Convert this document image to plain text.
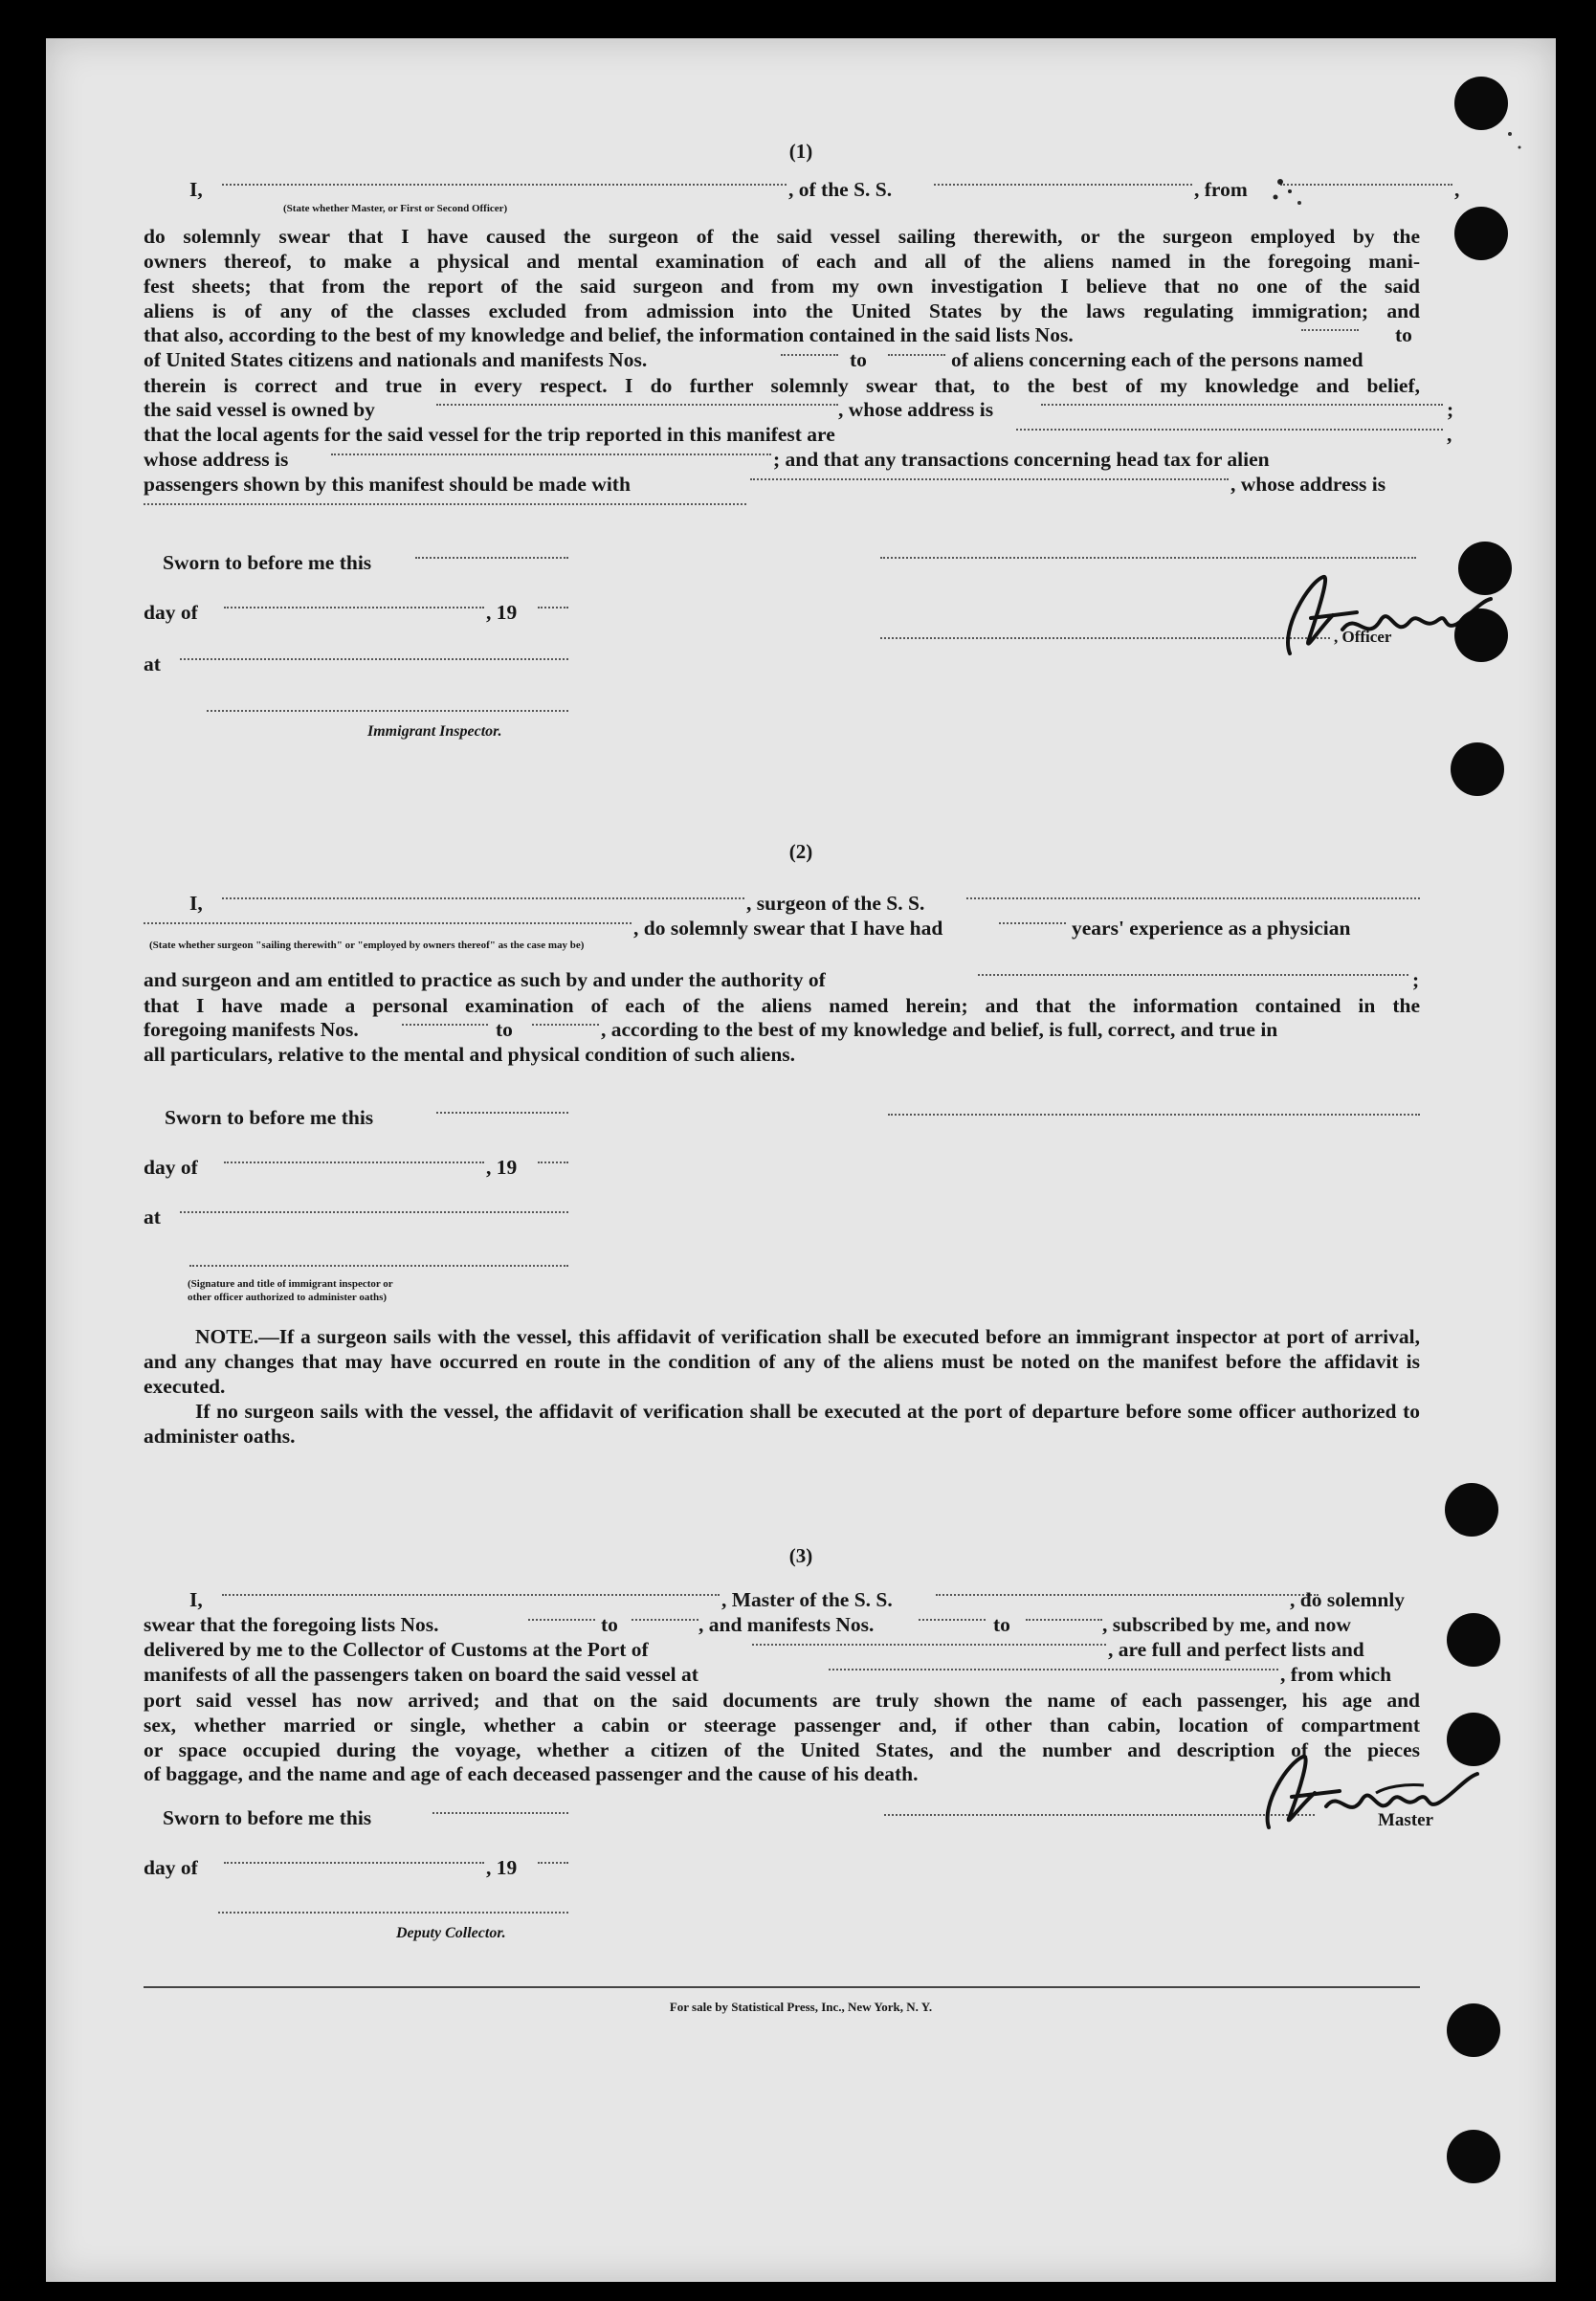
(1)
I,
(State whether Master, or First or Second Officer)
, of the S. S.	, from	,
do solemnly swear that I have caused the surgeon of the said vessel sailing therewith, or the surgeon employed by the
owners thereof, to make a physical and mental examination of each and all of the aliens named in the foregoing mani-
fest sheets; that from the report of the said surgeon and from my own investigation I believe that no one of the said
aliens is of any of the classes excluded from admission into the United States by the laws regulating immigration; and
that also, according to the best of my knowledge and belief, the information contained in the said lists Nos.	to
of United States citizens and nationals and manifests Nos.	to	of aliens concerning each of the persons named
therein is correct and true in every respect. I do further solemnly swear that, to the best of my knowledge and belief,
the said vessel is owned by	, whose address is	;
that the local agents for the said vessel for the trip reported in this manifest are	,
whose address is	; and that any transactions concerning head tax for alien
passengers shown by this manifest should be made with	, whose address is
Sworn to before me this
day of	, 19
, Officer
at
Immigrant Inspector.
(2)
I,	, surgeon of the S. S.
, do solemnly swear that I have had	years' experience as a physician
(State whether surgeon "sailing therewith" or "employed by owners thereof" as the case may be)
and surgeon and am entitled to practice as such by and under the authority of	;
that I have made a personal examination of each of the aliens named herein; and that the information contained in the
foregoing manifests Nos.	to	, according to the best of my knowledge and belief, is full, correct, and true in
all particulars, relative to the mental and physical condition of such aliens.
Sworn to before me this
day of	, 19
at
(Signature and title of immigrant inspector or
other officer authorized to administer oaths)
NOTE.—If a surgeon sails with the vessel, this affidavit of verification shall be executed before an immigrant inspector at port of arrival, and any changes that may have occurred en route in the condition of any of the aliens must be noted on the manifest before the affidavit is executed.
If no surgeon sails with the vessel, the affidavit of verification shall be executed at the port of departure before some officer authorized to administer oaths.
(3)
I,	, Master of the S. S.	, do solemnly
swear that the foregoing lists Nos.	to	, and manifests Nos.	to	, subscribed by me, and now
delivered by me to the Collector of Customs at the Port of	, are full and perfect lists and
manifests of all the passengers taken on board the said vessel at	, from which
port said vessel has now arrived; and that on the said documents are truly shown the name of each passenger, his age and
sex, whether married or single, whether a cabin or steerage passenger and, if other than cabin, location of compartment
or space occupied during the voyage, whether a citizen of the United States, and the number and description of the pieces
of baggage, and the name and age of each deceased passenger and the cause of his death.
Sworn to before me this	Master
day of	, 19
Deputy Collector.
For sale by Statistical Press, Inc., New York, N. Y.
